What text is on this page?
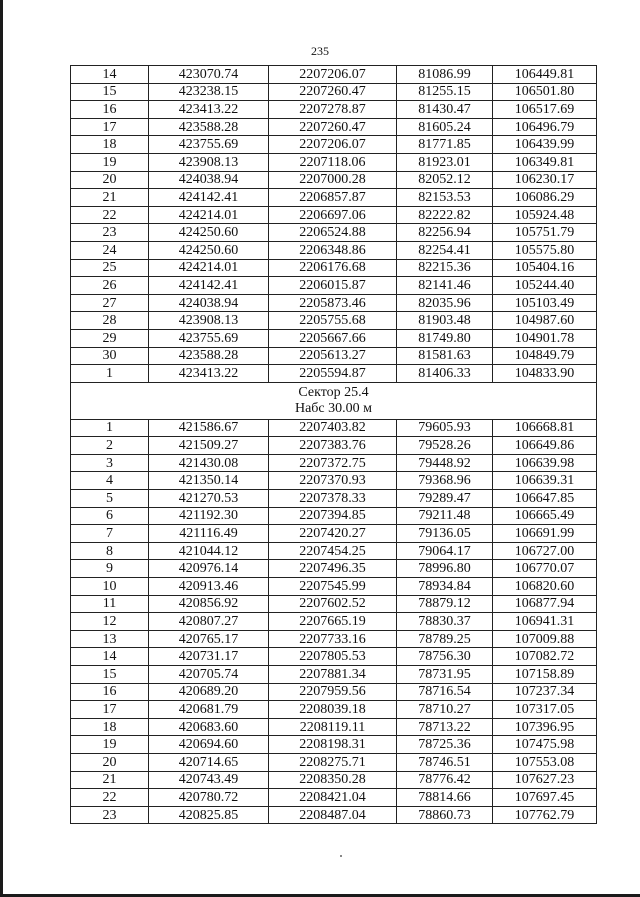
235
14	423070.74	2207206.07	81086.99	106449.81
15	423238.15	2207260.47	81255.15	106501.80
16	423413.22	2207278.87	81430.47	106517.69
17	423588.28	2207260.47	81605.24	106496.79
18	423755.69	2207206.07	81771.85	106439.99
19	423908.13	2207118.06	81923.01	106349.81
20	424038.94	2207000.28	82052.12	106230.17
21	424142.41	2206857.87	82153.53	106086.29
22	424214.01	2206697.06	82222.82	105924.48
23	424250.60	2206524.88	82256.94	105751.79
24	424250.60	2206348.86	82254.41	105575.80
25	424214.01	2206176.68	82215.36	105404.16
26	424142.41	2206015.87	82141.46	105244.40
27	424038.94	2205873.46	82035.96	105103.49
28	423908.13	2205755.68	81903.48	104987.60
29	423755.69	2205667.66	81749.80	104901.78
30	423588.28	2205613.27	81581.63	104849.79
1	423413.22	2205594.87	81406.33	104833.90

Сектор 25.4
Набс 30.00 м				

1	421586.67	2207403.82	79605.93	106668.81
2	421509.27	2207383.76	79528.26	106649.86
3	421430.08	2207372.75	79448.92	106639.98
4	421350.14	2207370.93	79368.96	106639.31
5	421270.53	2207378.33	79289.47	106647.85
6	421192.30	2207394.85	79211.48	106665.49
7	421116.49	2207420.27	79136.05	106691.99
8	421044.12	2207454.25	79064.17	106727.00
9	420976.14	2207496.35	78996.80	106770.07
10	420913.46	2207545.99	78934.84	106820.60
11	420856.92	2207602.52	78879.12	106877.94
12	420807.27	2207665.19	78830.37	106941.31
13	420765.17	2207733.16	78789.25	107009.88
14	420731.17	2207805.53	78756.30	107082.72
15	420705.74	2207881.34	78731.95	107158.89
16	420689.20	2207959.56	78716.54	107237.34
17	420681.79	2208039.18	78710.27	107317.05
18	420683.60	2208119.11	78713.22	107396.95
19	420694.60	2208198.31	78725.36	107475.98
20	420714.65	2208275.71	78746.51	107553.08
21	420743.49	2208350.28	78776.42	107627.23
22	420780.72	2208421.04	78814.66	107697.45
23	420825.85	2208487.04	78860.73	107762.79
